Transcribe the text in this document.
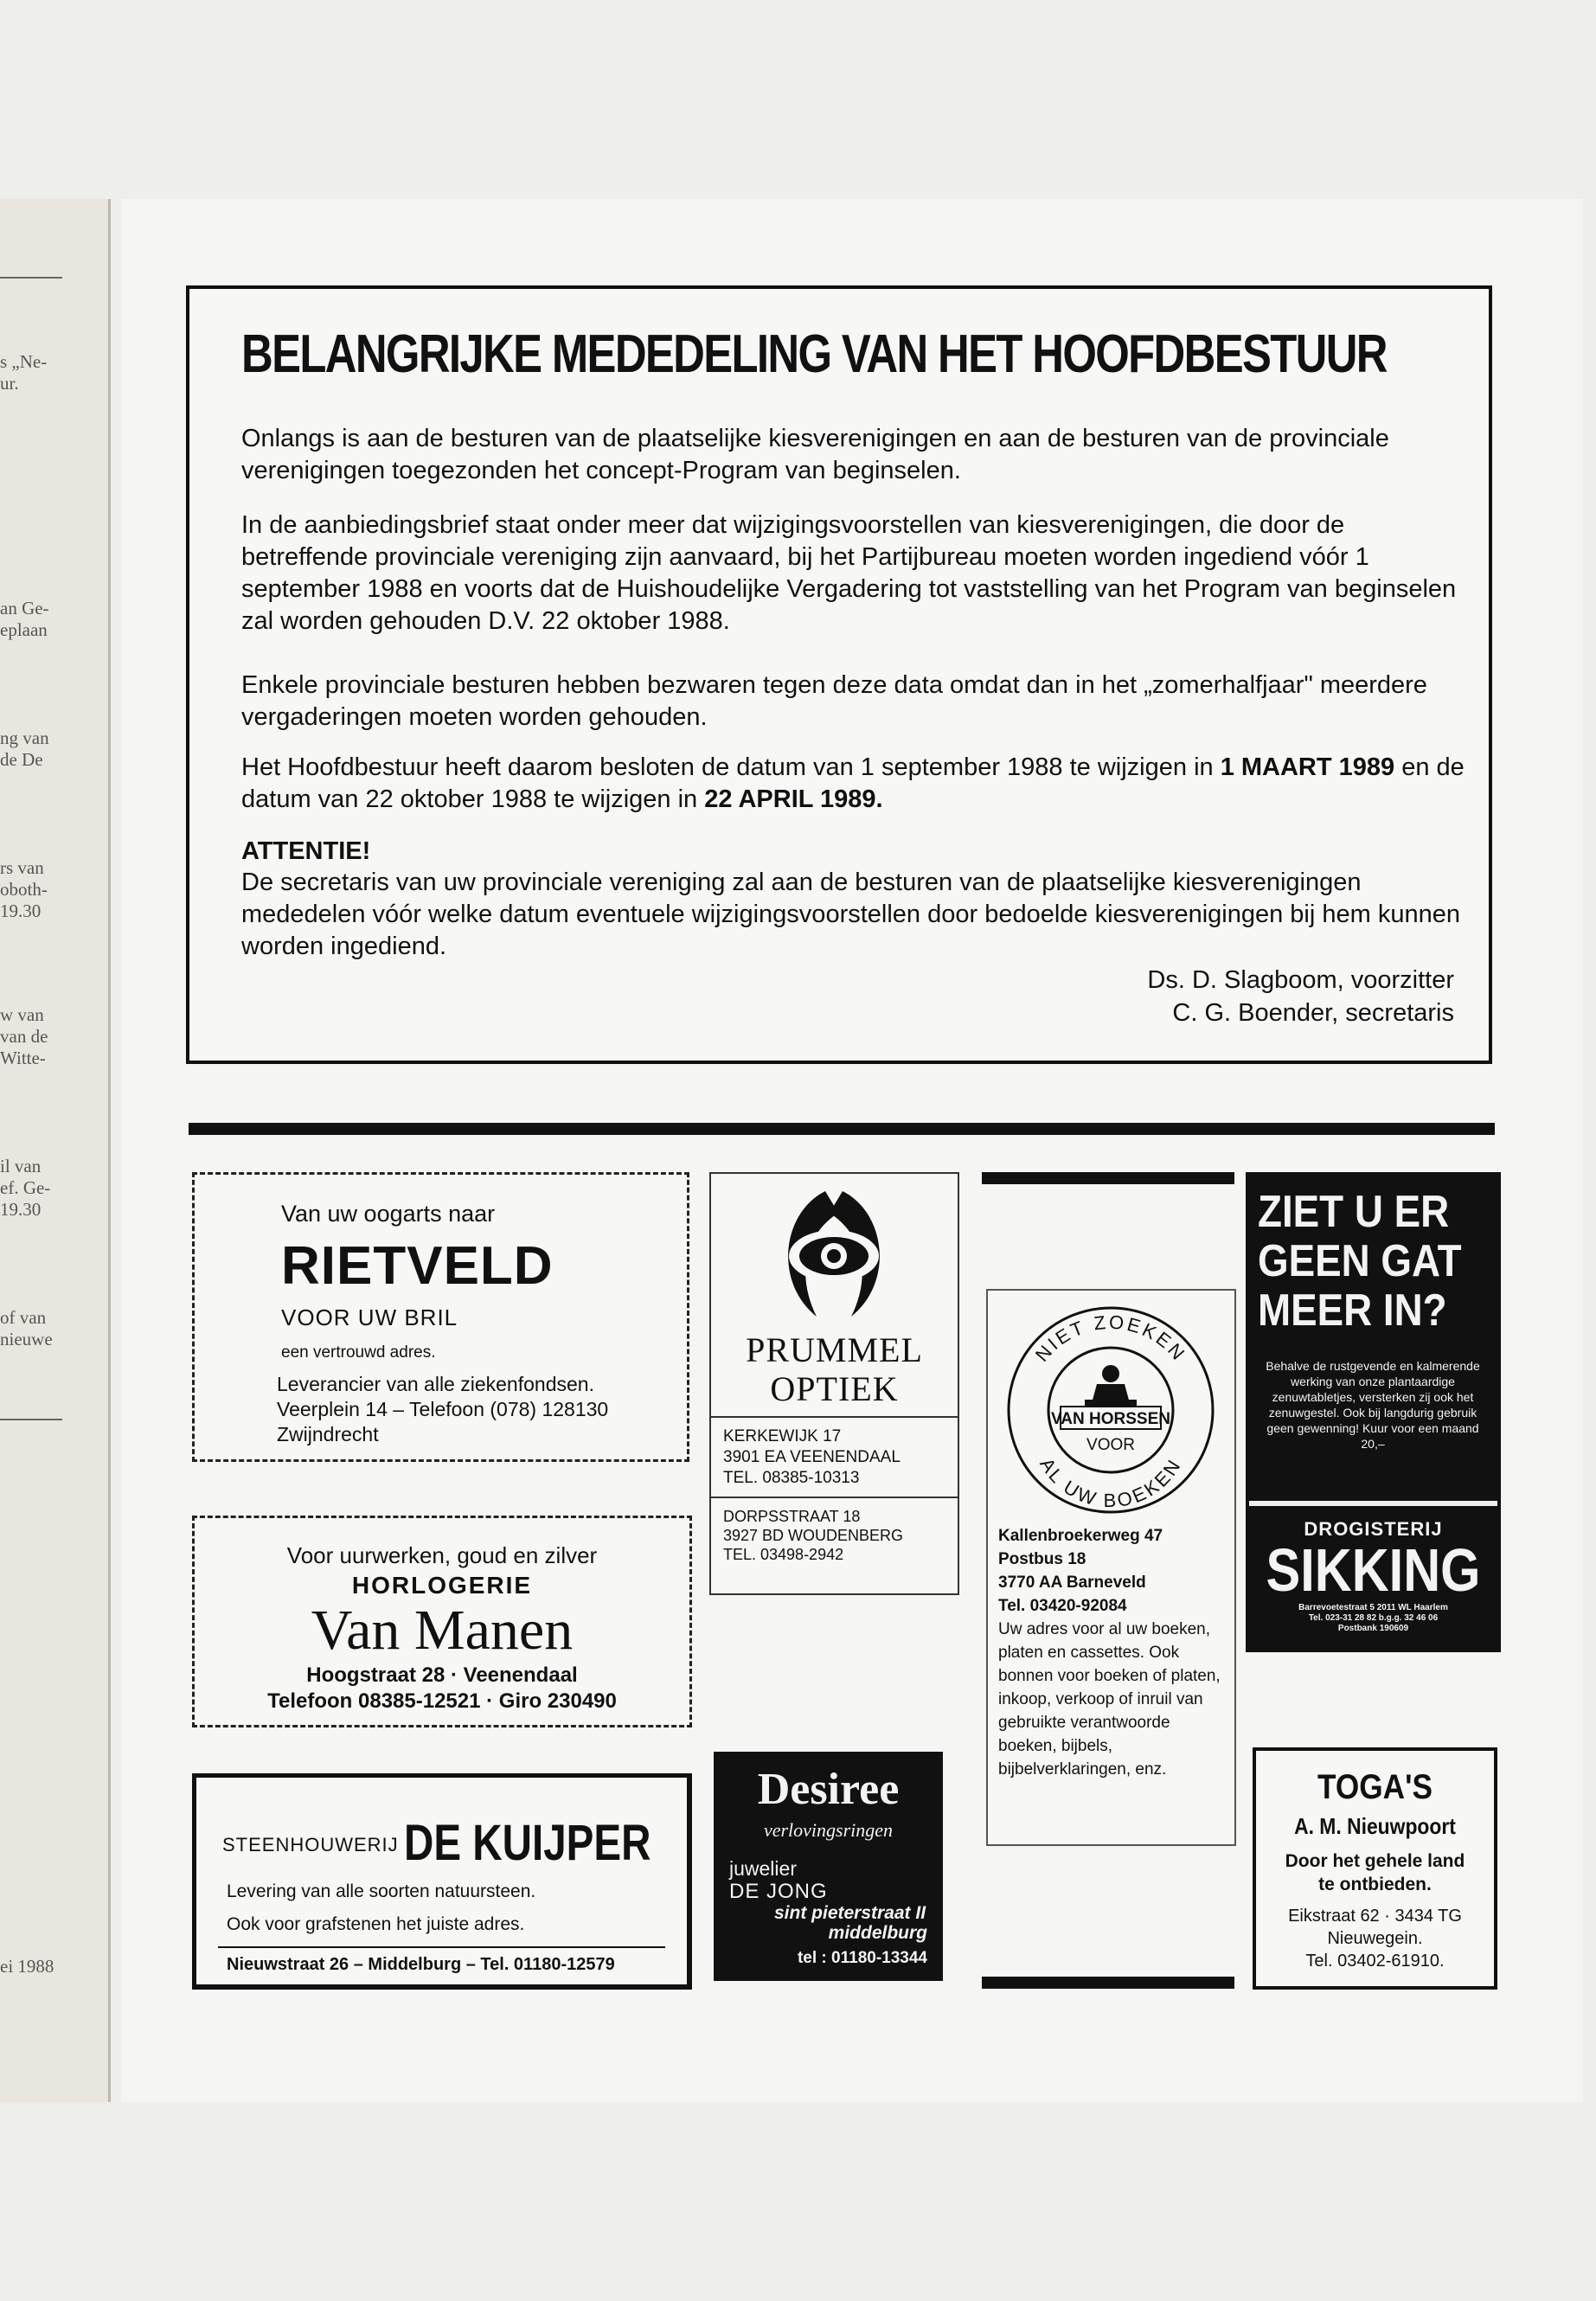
s „Ne-
ur.
an Ge-
eplaan
ng van
de De
rs van
oboth-
19.30
w van
van de
Witte-
il van
ef. Ge-
19.30
of van
nieuwe
ei 1988
BELANGRIJKE MEDEDELING VAN HET HOOFDBESTUUR

Onlangs is aan de besturen van de plaatselijke kiesverenigingen en aan de besturen van de provinciale verenigingen toegezonden het concept-Program van beginselen.

In de aanbiedingsbrief staat onder meer dat wijzigingsvoorstellen van kiesverenigingen, die door de betreffende provinciale vereniging zijn aanvaard, bij het Partijbureau moeten worden ingediend vóór 1 september 1988 en voorts dat de Huishoudelijke Vergadering tot vaststelling van het Program van beginselen zal worden gehouden D.V. 22 oktober 1988.

Enkele provinciale besturen hebben bezwaren tegen deze data omdat dan in het „zomerhalfjaar" meerdere vergaderingen moeten worden gehouden.

Het Hoofdbestuur heeft daarom besloten de datum van 1 september 1988 te wijzigen in 1 MAART 1989 en de datum van 22 oktober 1988 te wijzigen in 22 APRIL 1989.

ATTENTIE!

De secretaris van uw provinciale vereniging zal aan de besturen van de plaatselijke kiesverenigingen mededelen vóór welke datum eventuele wijzigingsvoorstellen door bedoelde kiesverenigingen bij hem kunnen worden ingediend.

Ds. D. Slagboom, voorzitter
C. G. Boender, secretaris
Van uw oogarts naar
RIETVELD
VOOR UW BRIL
een vertrouwd adres.
Leverancier van alle ziekenfondsen.
Veerplein 14 – Telefoon (078) 128130
Zwijndrecht
Voor uurwerken, goud en zilver
HORLOGERIE
Van Manen
Hoogstraat 28 · Veenendaal
Telefoon 08385-12521 · Giro 230490
STEENHOUWERIJ DE KUIJPER
Levering van alle soorten natuursteen.
Ook voor grafstenen het juiste adres.
Nieuwstraat 26 – Middelburg – Tel. 01180-12579
PRUMMEL
OPTIEK
KERKEWIJK 17
3901 EA VEENENDAAL
TEL. 08385-10313
DORPSSTRAAT 18
3927 BD WOUDENBERG
TEL. 03498-2942
Desiree
verlovingsringen
juwelier
DE JONG
sint pieterstraat II
middelburg
tel : 01180-13344
NIET ZOEKEN
AL UW BOEKEN
VAN HORSSEN
VOOR
Kallenbroekerweg 47
Postbus 18
3770 AA Barneveld
Tel. 03420-92084
Uw adres voor al uw boeken, platen en cassettes. Ook bonnen voor boeken of platen, inkoop, verkoop of inruil van gebruikte verantwoorde boeken, bijbels, bijbelverklaringen, enz.
ZIET U ER
GEEN GAT
MEER IN?
Behalve de rustgevende en kalmerende werking van onze plantaardige zenuwtabletjes, versterken zij ook het zenuwgestel. Ook bij langdurig gebruik geen gewenning! Kuur voor een maand 20,–
DROGISTERIJ
SIKKING
Barrevoetestraat 5 2011 WL Haarlem
Tel. 023-31 28 82 b.g.g. 32 46 06
Postbank 190609
TOGA'S
A. M. Nieuwpoort
Door het gehele land
te ontbieden.
Eikstraat 62 · 3434 TG
Nieuwegein.
Tel. 03402-61910.
